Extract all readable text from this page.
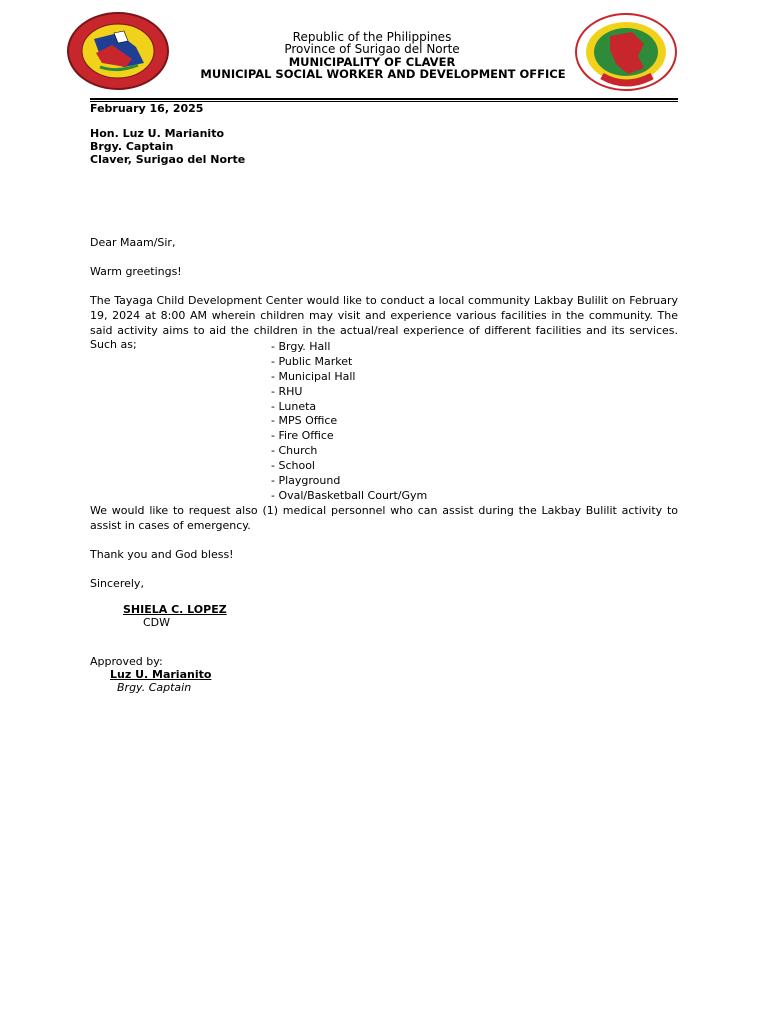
Republic of the Philippines
Province of Surigao del Norte
MUNICIPALITY OF CLAVER
MUNICIPAL SOCIAL WORKER AND DEVELOPMENT OFFICE
February 16, 2025
Hon. Luz U. Marianito
Brgy. Captain
Claver, Surigao del Norte
Dear Maam/Sir,
Warm greetings!
The Tayaga Child Development Center would like to conduct a local community Lakbay Bulilit on February 19, 2024 at 8:00 AM wherein children may visit and experience various facilities in the community. The said activity aims to aid the children in the actual/real experience of different facilities and its services. Such as;	- Brgy. Hall
- Public Market
- Municipal Hall
- RHU
- Luneta
- MPS Office
- Fire Office
- Church
- School
- Playground
- Oval/Basketball Court/Gym
We would like to request also (1) medical personnel who can assist during the Lakbay Bulilit activity to assist in cases of emergency.
Thank you and God bless!
Sincerely,
SHIELA C. LOPEZ
CDW
Approved by:
Luz U. Marianito
Brgy. Captain
